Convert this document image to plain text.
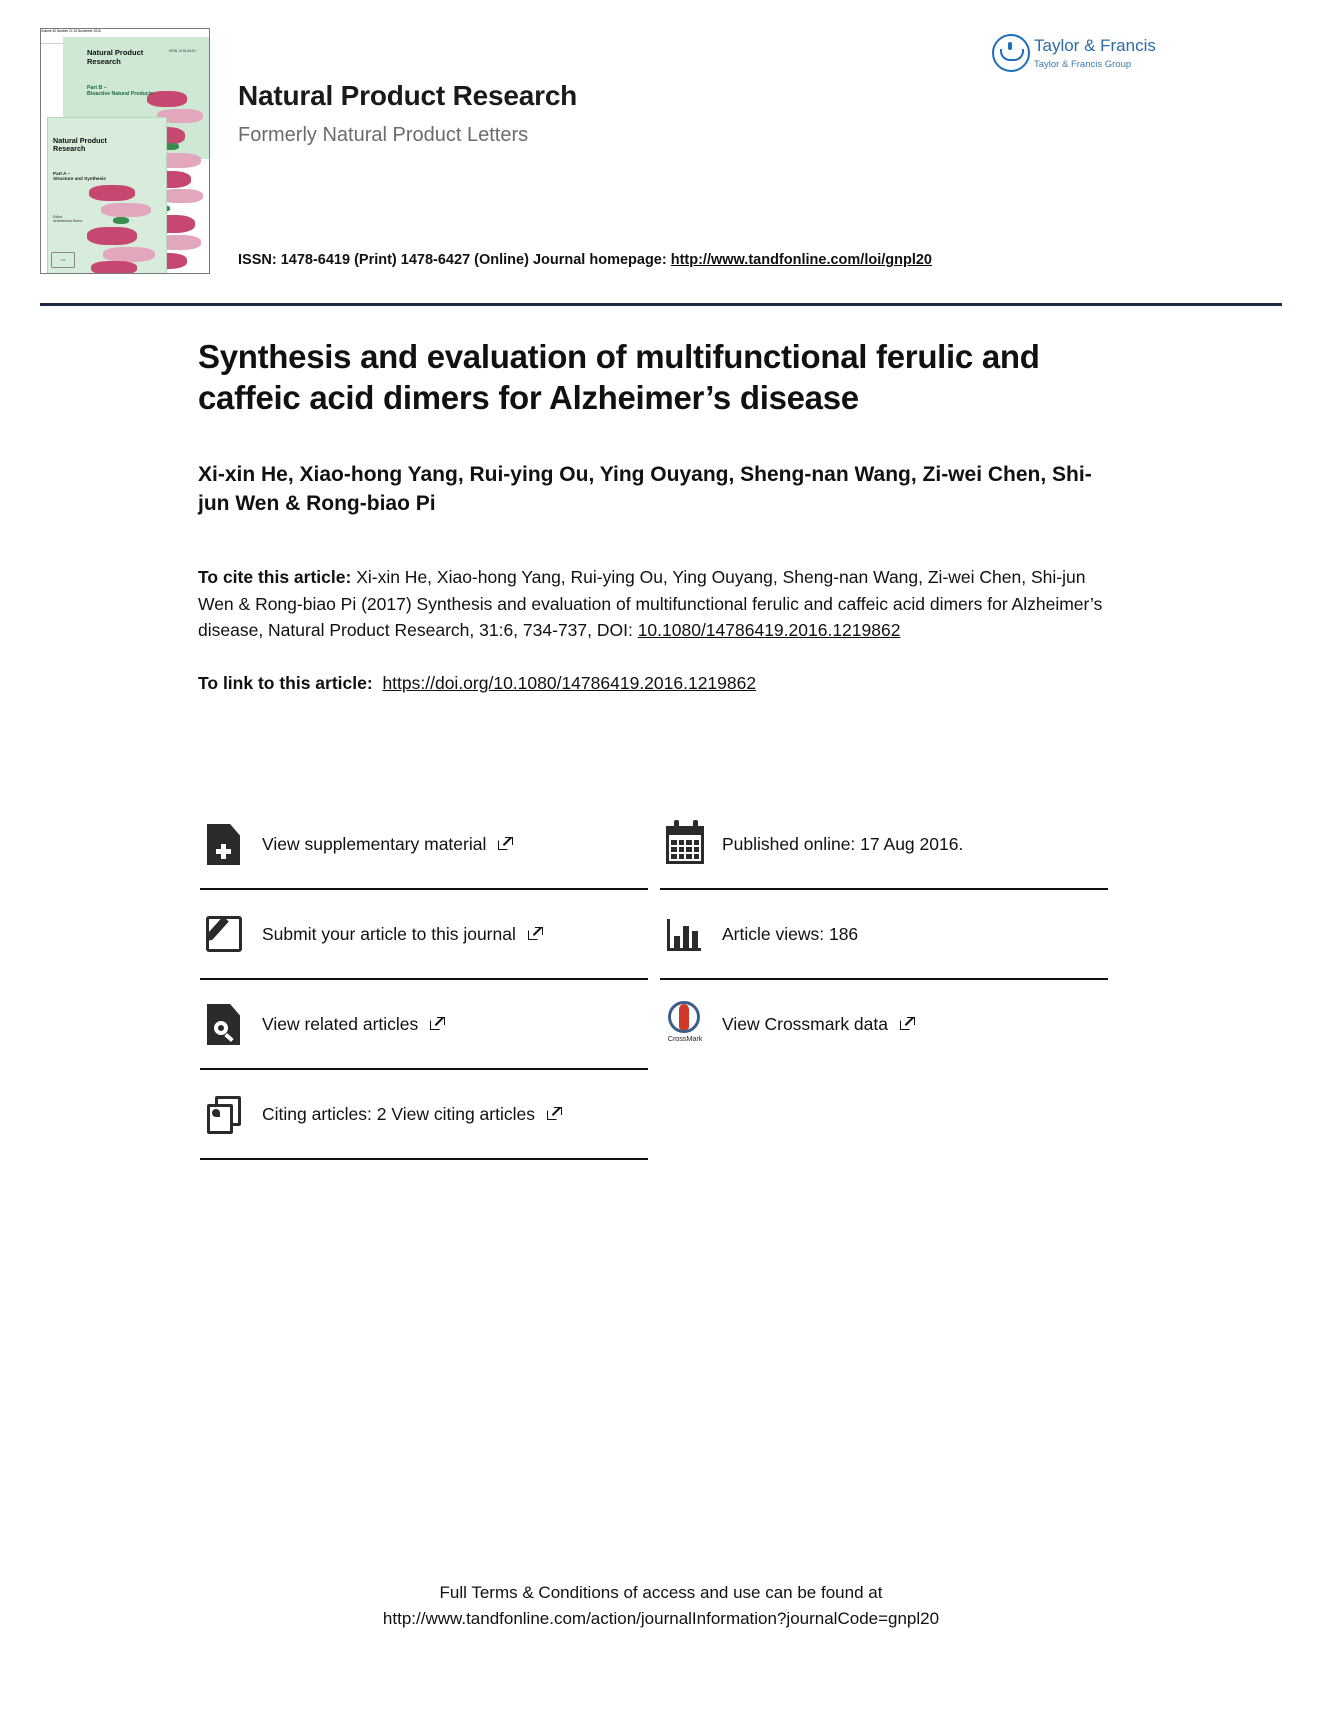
Volume 30 Number 21 10 November 2016
Natural Product Research
Part B –
Bioactive Natural Products
ISSN 1478-6419
Natural Product Research
Part A –
Structure and Synthesis
Editor
Aristotelous Domo
T&F
Natural Product Research
Formerly Natural Product Letters
ISSN: 1478-6419 (Print) 1478-6427 (Online) Journal homepage: http://www.tandfonline.com/loi/gnpl20
Taylor & Francis
Taylor & Francis Group
Synthesis and evaluation of multifunctional ferulic and caffeic acid dimers for Alzheimer’s disease
Xi-xin He, Xiao-hong Yang, Rui-ying Ou, Ying Ouyang, Sheng-nan Wang, Zi-wei Chen, Shi-jun Wen & Rong-biao Pi
To cite this article: Xi-xin He, Xiao-hong Yang, Rui-ying Ou, Ying Ouyang, Sheng-nan Wang, Zi-wei Chen, Shi-jun Wen & Rong-biao Pi (2017) Synthesis and evaluation of multifunctional ferulic and caffeic acid dimers for Alzheimer’s disease, Natural Product Research, 31:6, 734-737, DOI: 10.1080/14786419.2016.1219862
To link to this article: https://doi.org/10.1080/14786419.2016.1219862
View supplementary material
Submit your article to this journal
View related articles
Citing articles: 2 View citing articles
Published online: 17 Aug 2016.
Article views: 186
CrossMark
View Crossmark data
Full Terms & Conditions of access and use can be found at
http://www.tandfonline.com/action/journalInformation?journalCode=gnpl20
